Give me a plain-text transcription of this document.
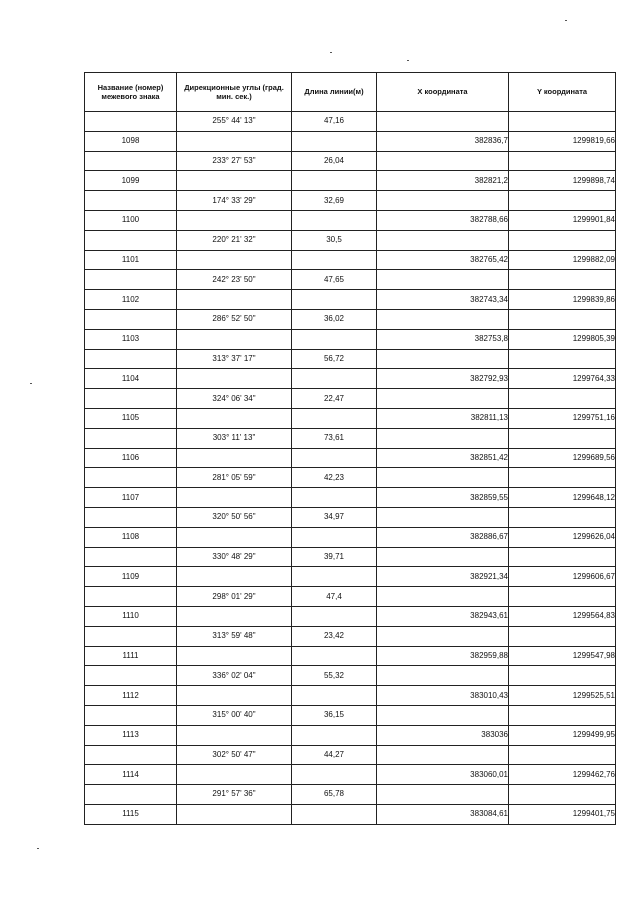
Название (номер) межевого знака	Дирекционные углы (град. мин. сек.)	Длина линии(м)	X координата	Y координата
	255° 44' 13"	47,16		
1098			382836,7	1299819,66
	233° 27' 53"	26,04		
1099			382821,2	1299898,74
	174° 33' 29"	32,69		
1100			382788,66	1299901,84
	220° 21' 32"	30,5		
1101			382765,42	1299882,09
	242° 23' 50"	47,65		
1102			382743,34	1299839,86
	286° 52' 50"	36,02		
1103			382753,8	1299805,39
	313° 37' 17"	56,72		
1104			382792,93	1299764,33
	324° 06' 34"	22,47		
1105			382811,13	1299751,16
	303° 11' 13"	73,61		
1106			382851,42	1299689,56
	281° 05' 59"	42,23		
1107			382859,55	1299648,12
	320° 50' 56"	34,97		
1108			382886,67	1299626,04
	330° 48' 29"	39,71		
1109			382921,34	1299606,67
	298° 01' 29"	47,4		
1110			382943,61	1299564,83
	313° 59' 48"	23,42		
1111			382959,88	1299547,98
	336° 02' 04"	55,32		
1112			383010,43	1299525,51
	315° 00' 40"	36,15		
1113			383036	1299499,95
	302° 50' 47"	44,27		
1114			383060,01	1299462,76
	291° 57' 36"	65,78		
1115			383084,61	1299401,75
